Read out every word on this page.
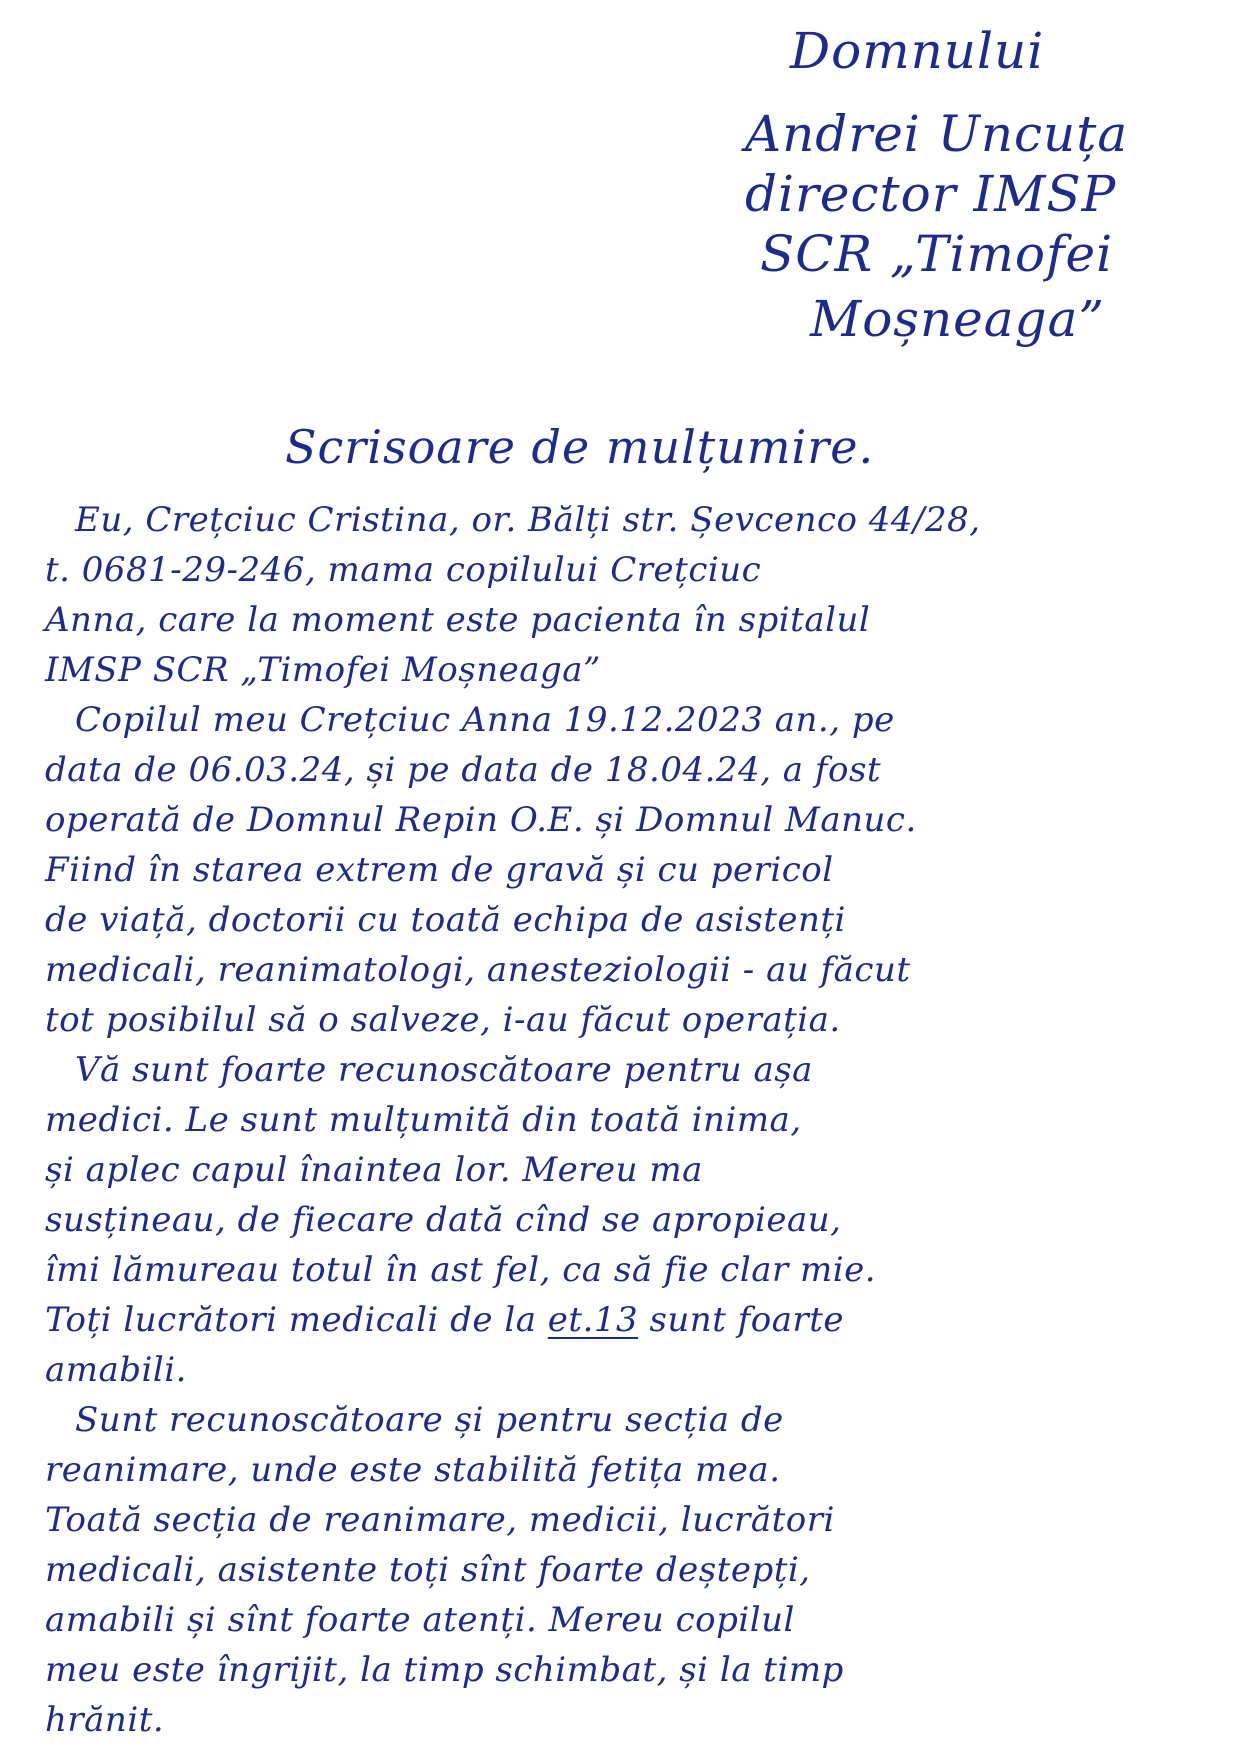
Domnului
Andrei Uncuța
director IMSP
SCR „Timofei
Moșneaga”
Scrisoare de mulțumire.
Eu, Crețciuc Cristina, or. Bălți str. Șevcenco 44/28,
t. 0681-29-246, mama copilului Crețciuc
Anna, care la moment este pacienta în spitalul
IMSP SCR „Timofei Moșneaga”
Copilul meu Crețciuc Anna 19.12.2023 an., pe
data de 06.03.24, și pe data de 18.04.24, a fost
operată de Domnul Repin O.E. și Domnul Manuc.
Fiind în starea extrem de gravă și cu pericol
de viață, doctorii cu toată echipa de asistenți
medicali, reanimatologi, anesteziologii - au făcut
tot posibilul să o salveze, i-au făcut operația.
Vă sunt foarte recunoscătoare pentru așa
medici. Le sunt mulțumită din toată inima,
și aplec capul înaintea lor. Mereu ma
susțineau, de fiecare dată cînd se apropieau,
îmi lămureau totul în ast fel, ca să fie clar mie.
Toți lucrători medicali de la et.13 sunt foarte
amabili.
Sunt recunoscătoare și pentru secția de
reanimare, unde este stabilită fetița mea.
Toată secția de reanimare, medicii, lucrători
medicali, asistente toți sînt foarte deștepți,
amabili și sînt foarte atenți. Mereu copilul
meu este îngrijit, la timp schimbat, și la timp
hrănit.
